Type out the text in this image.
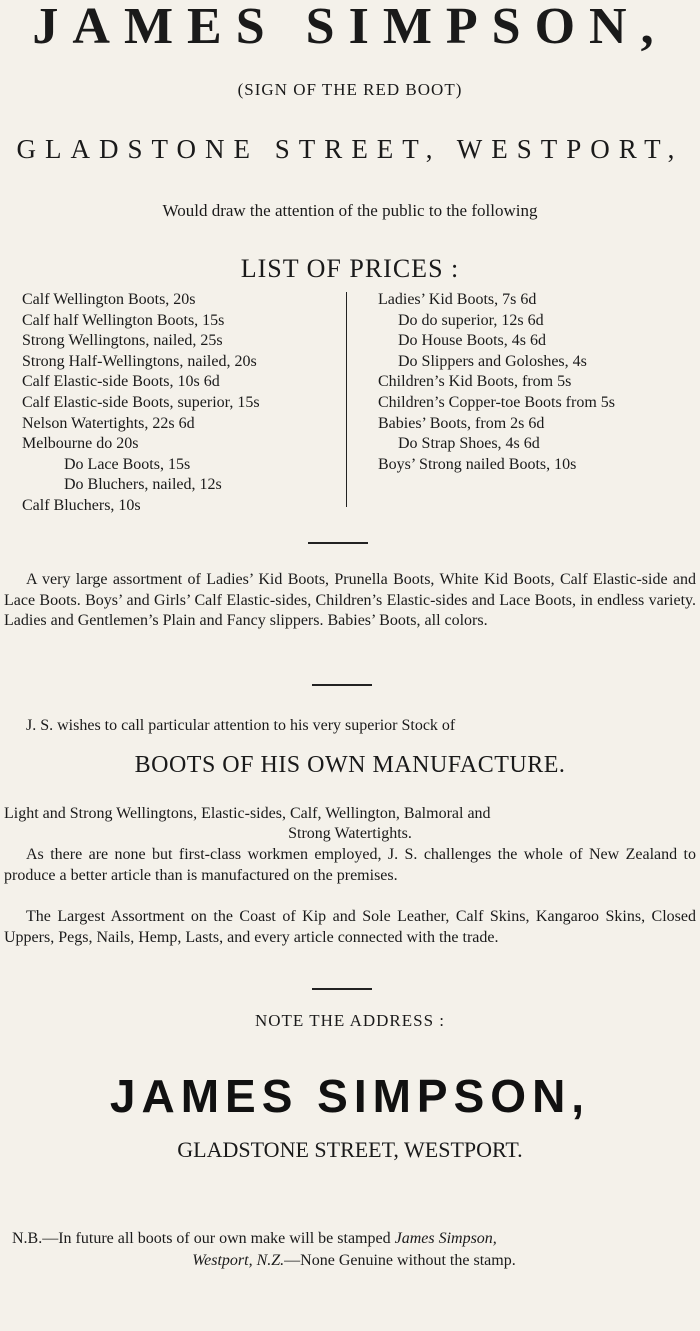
JAMES SIMPSON,
(SIGN OF THE RED BOOT)
GLADSTONE STREET, WESTPORT,
Would draw the attention of the public to the following
LIST OF PRICES :
Calf Wellington Boots, 20s
Calf half Wellington Boots, 15s
Strong Wellingtons, nailed, 25s
Strong Half-Wellingtons, nailed, 20s
Calf Elastic-side Boots, 10s 6d
Calf Elastic-side Boots, superior, 15s
Nelson Watertights, 22s 6d
Melbourne do 20s
Do Lace Boots, 15s
Do Bluchers, nailed, 12s
Calf Bluchers, 10s
Ladies’ Kid Boots, 7s 6d
Do do superior, 12s 6d
Do House Boots, 4s 6d
Do Slippers and Goloshes, 4s
Children’s Kid Boots, from 5s
Children’s Copper-toe Boots from 5s
Babies’ Boots, from 2s 6d
Do Strap Shoes, 4s 6d
Boys’ Strong nailed Boots, 10s
A very large assortment of Ladies’ Kid Boots, Prunella Boots, White Kid Boots, Calf Elastic-side and Lace Boots. Boys’ and Girls’ Calf Elastic-sides, Children’s Elastic-sides and Lace Boots, in endless variety. Ladies and Gentlemen’s Plain and Fancy slippers. Babies’ Boots, all colors.
J. S. wishes to call particular attention to his very superior Stock of
BOOTS OF HIS OWN MANUFACTURE.
Light and Strong Wellingtons, Elastic-sides, Calf, Wellington, Balmoral and
Strong Watertights.
As there are none but first-class workmen employed, J. S. challenges the whole of New Zealand to produce a better article than is manufactured on the premises.
The Largest Assortment on the Coast of Kip and Sole Leather, Calf Skins, Kangaroo Skins, Closed Uppers, Pegs, Nails, Hemp, Lasts, and every article connected with the trade.
NOTE THE ADDRESS :
JAMES SIMPSON,
GLADSTONE STREET, WESTPORT.
N.B.—In future all boots of our own make will be stamped James Simpson,
Westport, N.Z.—None Genuine without the stamp.
